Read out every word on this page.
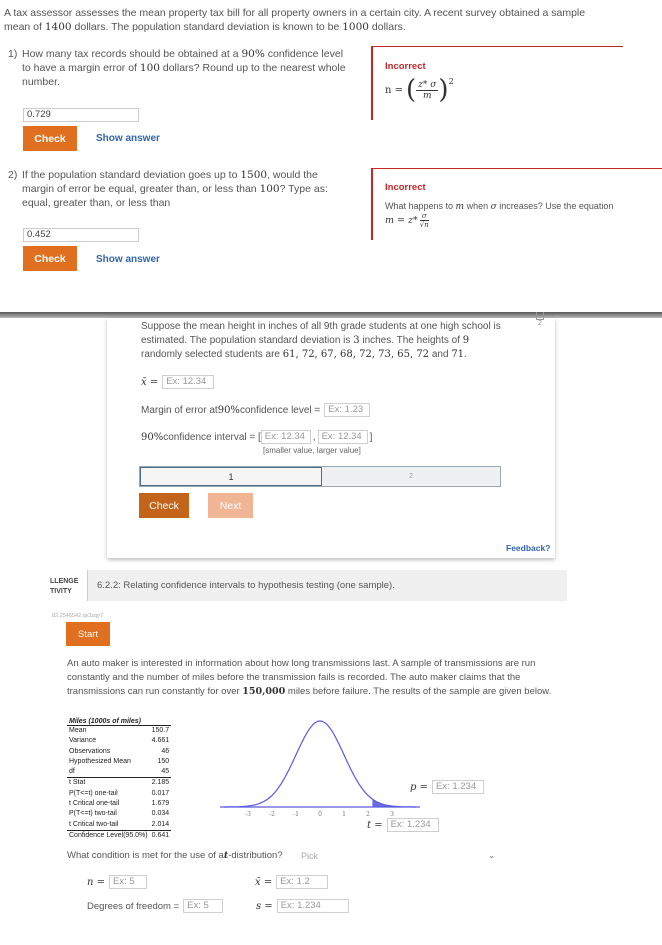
A tax assessor assesses the mean property tax bill for all property owners in a certain city. A recent survey obtained a sample
mean of 1400 dollars. The population standard deviation is known to be 1000 dollars.
1) How many tax records should be obtained at a 90% confidence level
to have a margin error of 100 dollars? Round up to the nearest whole
number.
0.729
Check	Show answer
Incorrect
n = ( z* σ
m ) 2
2) If the population standard deviation goes up to 1500, would the
margin of error be equal, greater than, or less than 100? Type as:
equal, greater than, or less than
0.452
Check	Show answer
Incorrect
What happens to m when σ increases? Use the equation
m = z* σ
√n
2
Suppose the mean height in inches of all 9th grade students at one high school is
estimated. The population standard deviation is 3 inches. The heights of 9
randomly selected students are 61, 72, 67, 68, 72, 73, 65, 72 and 71.
x̄ = Ex: 12.34
Margin of error at 90% confidence level = Ex: 1.23
90% confidence interval = [ Ex: 12.34 , Ex: 12.34 ]
[smaller value, larger value]
1	2
Check	Next
Feedback?
LLENGE
TIVITY
6.2.2: Relating confidence intervals to hypothesis testing (one sample).
82.2546542.qx3zqy7
Start
An auto maker is interested in information about how long transmissions last. A sample of transmissions are run
constantly and the number of miles before the transmission fails is recorded. The auto maker claims that the
transmissions can run constantly for over 150,000 miles before failure. The results of the sample are given below.
Miles (1000s of miles)
Mean	150.7
Variance	4.661
Observations	46
Hypothesized Mean	150
df	45
t Stat	2.185
P(T<=t) one-tail	0.017
t Critical one-tail	1.679
P(T<=t) two-tail	0.034
t Critical two-tail	2.014
Confidence Level(95.0%)	0.641
-3	-2	-1	0	1	2	3
p = Ex: 1.234
t = Ex: 1.234
What condition is met for the use of a t -distribution? Pick	⌄
n = Ex: 5	x̄ = Ex: 1.2
Degrees of freedom = Ex: 5	s = Ex: 1.234
